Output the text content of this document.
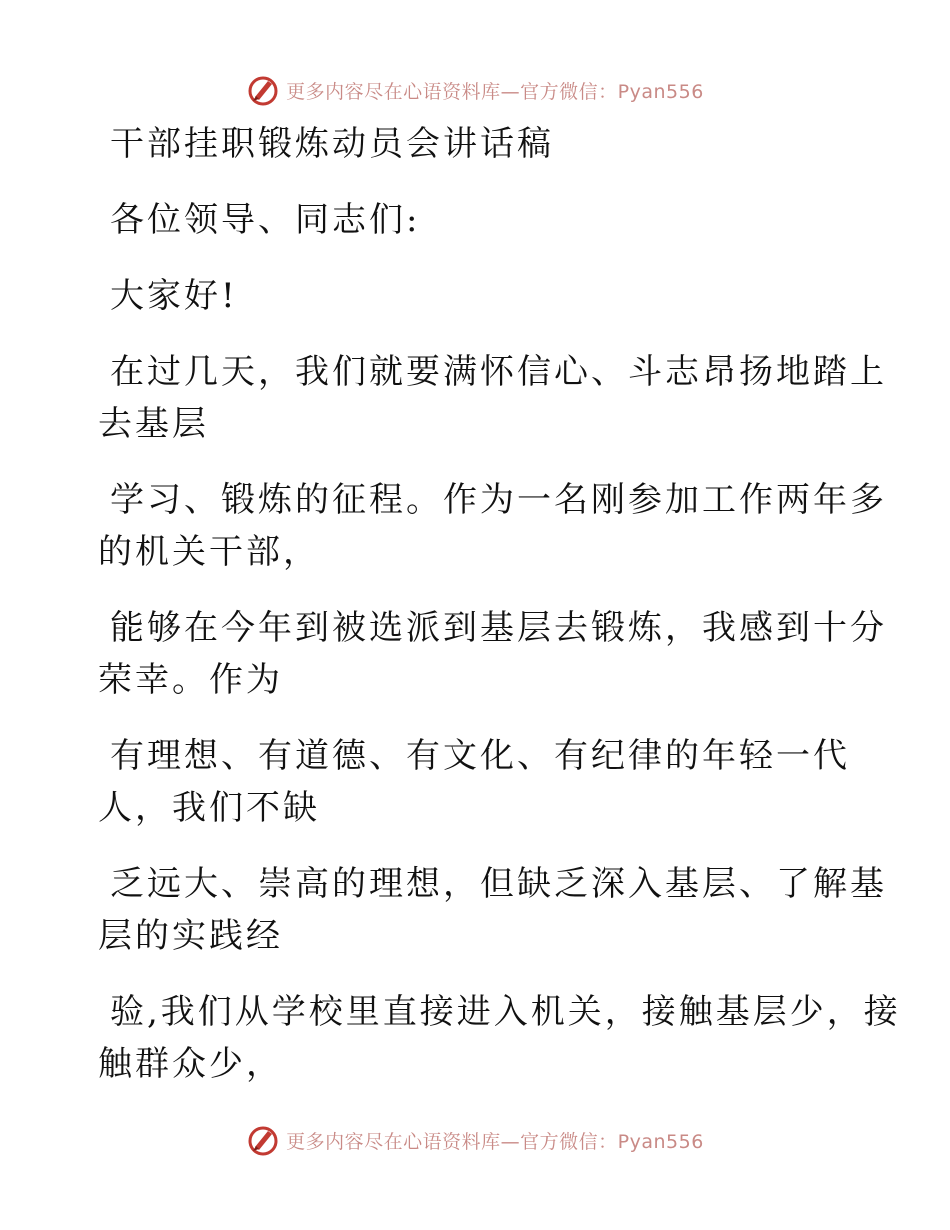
更多内容尽在心语资料库—官方微信：Pyan556

干部挂职锻炼动员会讲话稿

各位领导、同志们:

大家好!

在过几天，我们就要满怀信心、斗志昂扬地踏上
去基层

学习、锻炼的征程。作为一名刚参加工作两年多
的机关干部，

能够在今年到被选派到基层去锻炼，我感到十分
荣幸。作为

有理想、有道德、有文化、有纪律的年轻一代
人，我们不缺

乏远大、崇高的理想，但缺乏深入基层、了解基
层的实践经

验,我们从学校里直接进入机关，接触基层少，接
触群众少，

更多内容尽在心语资料库—官方微信：Pyan556
